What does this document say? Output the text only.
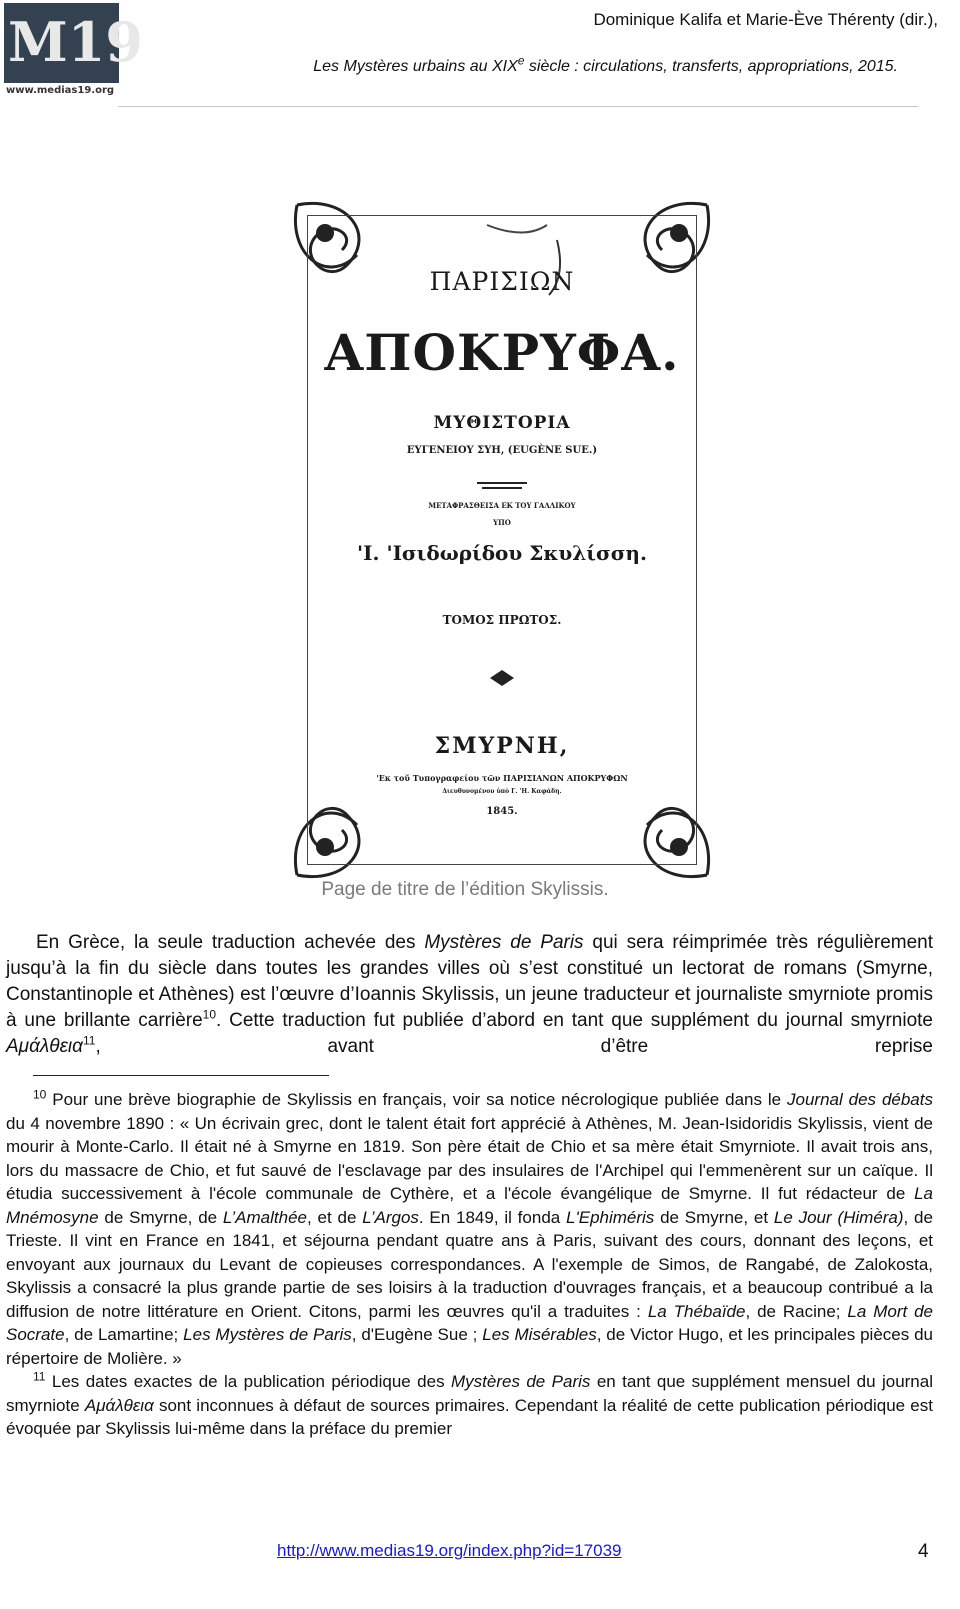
M19
www.medias19.org
Dominique Kalifa et Marie-Ève Thérenty (dir.),
Les Mystères urbains au XIXe siècle : circulations, transferts, appropriations, 2015.
ΠΑΡΙΣΙΩΝ
ΑΠΟΚΡΥΦΑ.
ΜΥΘΙΣΤΟΡΙΑ
ΕΥΓΕΝΕΙΟΥ ΣΥΗ, (EUGÈNE SUE.)
ΜΕΤΑΦΡΑΣΘΕΙΣΑ ΕΚ ΤΟΥ ΓΑΛΛΙΚΟΥ
ΥΠΟ
'Ι. 'Ισιδωρίδου Σκυλίσση.
ΤΟΜΟΣ ΠΡΩΤΟΣ.
ΣΜΥΡΝΗ,
'Εκ τοῦ Τυπογραφείου τῶν ΠΑΡΙΣΙΑΝΩΝ ΑΠΟΚΡΥΦΩΝ
Διευθυνομένου ὑπὸ Γ. 'Η. Καφάδη.
1845.
Page de titre de l’édition Skylissis.

En Grèce, la seule traduction achevée des Mystères de Paris qui sera réimprimée très régulièrement jusqu’à la fin du siècle dans toutes les grandes villes où s’est constitué un lectorat de romans (Smyrne, Constantinople et Athènes) est l’œuvre d’Ioannis Skylissis, un jeune traducteur et journaliste smyrniote promis à une brillante carrière$^{10}$. Cette traduction fut publiée d’abord en tant que supplément du journal smyrniote Αμάλθεια$^{11}$, avant d’être reprise

$^{10}$ Pour une brève biographie de Skylissis en français, voir sa notice nécrologique publiée dans le Journal des débats du 4 novembre 1890 : « Un écrivain grec, dont le talent était fort apprécié à Athènes, M. Jean-Isidoridis Skylissis, vient de mourir à Monte-Carlo. Il était né à Smyrne en 1819. Son père était de Chio et sa mère était Smyrniote. Il avait trois ans, lors du massacre de Chio, et fut sauvé de l'esclavage par des insulaires de l'Archipel qui l'emmenèrent sur un caïque. Il étudia successivement à l'école communale de Cythère, et a l'école évangélique de Smyrne. Il fut rédacteur de La Mnémosyne de Smyrne, de L’Amalthée, et de L’Argos. En 1849, il fonda L'Ephiméris de Smyrne, et Le Jour (Himéra), de Trieste. Il vint en France en 1841, et séjourna pendant quatre ans à Paris, suivant des cours, donnant des leçons, et envoyant aux journaux du Levant de copieuses correspondances. A l'exemple de Simos, de Rangabé, de Zalokosta, Skylissis a consacré la plus grande partie de ses loisirs à la traduction d'ouvrages français, et a beaucoup contribué a la diffusion de notre littérature en Orient. Citons, parmi les œuvres qu'il a traduites : La Thébaïde, de Racine; La Mort de Socrate, de Lamartine; Les Mystères de Paris, d'Eugène Sue ; Les Misérables, de Victor Hugo, et les principales pièces du répertoire de Molière. »

$^{11}$ Les dates exactes de la publication périodique des Mystères de Paris en tant que supplément mensuel du journal smyrniote Αμάλθεια sont inconnues à défaut de sources primaires. Cependant la réalité de cette publication périodique est évoquée par Skylissis lui-même dans la préface du premier

http://www.medias19.org/index.php?id=17039	4
